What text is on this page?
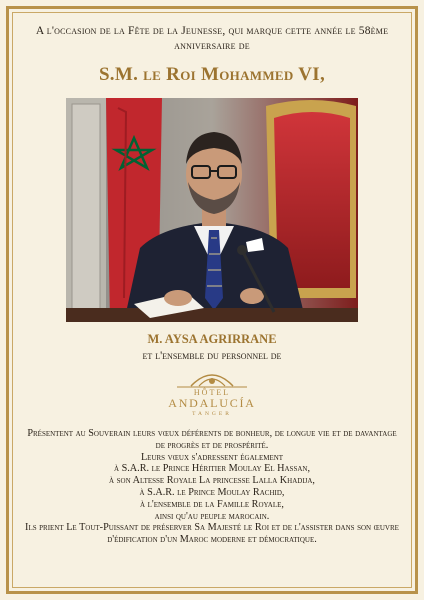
A l'occasion de la Fête de la Jeunesse, qui marque cette année le 58ème anniversaire de
S.M. le Roi Mohammed VI,
M. AYSA AGRIRRANE
et l'ensemble du personnel de
HÔTEL
ANDALUCÍA
TANGER

Présentent au Souverain leurs vœux déférents de bonheur, de longue vie et de davantage de progrès et de prospérité.

Leurs vœux s'adressent également

à S.A.R. le Prince Héritier Moulay El Hassan,

à son Altesse Royale La princesse Lalla Khadija,

à S.A.R. le Prince Moulay Rachid,

à l'ensemble de la Famille Royale,

ainsi qu'au peuple marocain.

Ils prient Le Tout-Puissant de préserver Sa Majesté le Roi et de l'assister dans son œuvre d'édification d'un Maroc moderne et démocratique.
